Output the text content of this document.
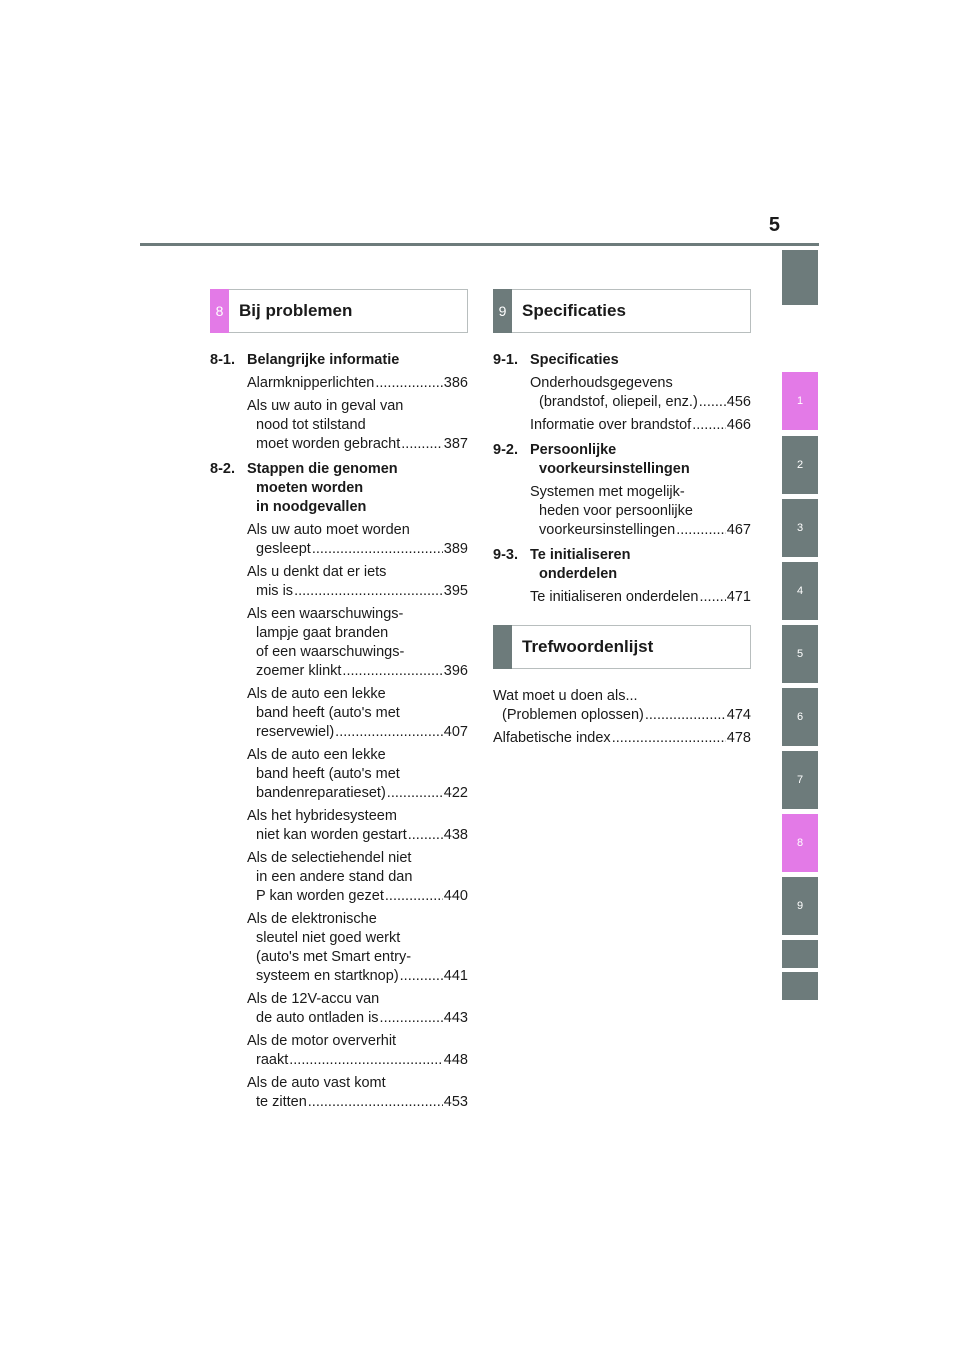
5
1
2
3
4
5
6
7
8
9
8 Bij problemen
8-1. Belangrijke informatie
Alarmknipperlichten .....	386
Als uw auto in geval van
nood tot stilstand
moet worden gebracht .....	387
8-2. Stappen die genomen
moeten worden
in noodgevallen
Als uw auto moet worden
gesleept .....	389
Als u denkt dat er iets
mis is .....	395
Als een waarschuwings-
lampje gaat branden
of een waarschuwings-
zoemer klinkt .....	396
Als de auto een lekke
band heeft (auto's met
reservewiel) .....	407
Als de auto een lekke
band heeft (auto's met
bandenreparatieset) .....	422
Als het hybridesysteem
niet kan worden gestart .....	438
Als de selectiehendel niet
in een andere stand dan
P kan worden gezet .....	440
Als de elektronische
sleutel niet goed werkt
(auto's met Smart entry-
systeem en startknop) .....	441
Als de 12V-accu van
de auto ontladen is .....	443
Als de motor oververhit
raakt .....	448
Als de auto vast komt
te zitten .....	453
9 Specificaties
9-1. Specificaties
Onderhoudsgegevens
(brandstof, oliepeil, enz.) ..... 456
Informatie over brandstof ..... 466
9-2. Persoonlijke
voorkeursinstellingen
Systemen met mogelijk-
heden voor persoonlijke
voorkeursinstellingen .....	467
9-3. Te initialiseren
onderdelen
Te initialiseren onderdelen ..... 471
Trefwoordenlijst
Wat moet u doen als...
(Problemen oplossen) .....	474
Alfabetische index .....	478
